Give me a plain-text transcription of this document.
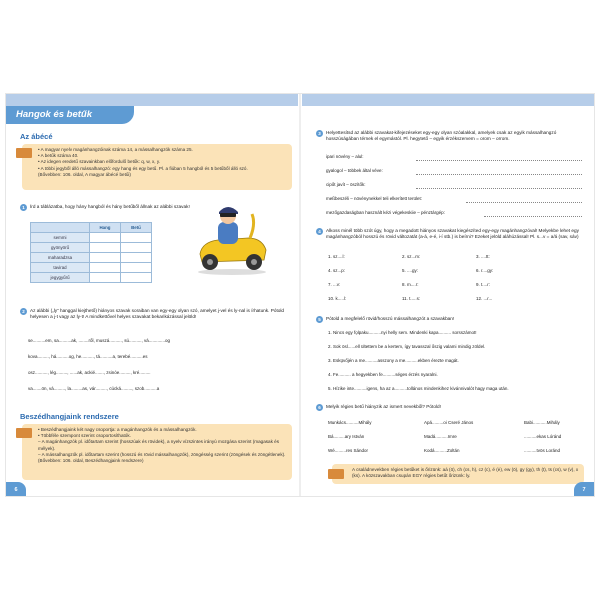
Hangok és betűk
Az ábécé
• A magyar nyelv magánhangzóinak száma 14, a mássalhangzók száma 25.
• A betűk száma 40.
• Az idegen eredetű szavainkban előfordulő betűk: q, w, x, y.
• A többi jegyből álló mássalhangzó: egy hang és egy betű. Pl. a fiúban 5 hangból és 5 betűből álló szó.
(Bővebben: 106. oldal, A magyar ábécé betűi)
1	Írd a táblázatba, hogy hány hangból és hány betűből állnak az alábbi szavak!
	Hang	Betű
semmi		
gyönyörű		
maharadzsa		
tavirad		
jegygyűrű		
2	Az alábbi („ly” hanggal kiejthető) hiányos szavak soraiban van egy-egy olyan szó, amelyet j-vel és ly-nal is írhatunk. Pótold helyesen a j-t vagy az ly-t! A mindkettővel helyes szavakat bekarikázással jelöld!
se..........em, sa..........ak, ........ről, muszá.........., sú.........., vá.............og
kova........., há..........og, he.........., tá..........a, terebé..........es
osz.........., lég........., ......ak, ackié......., zsinóe........., kré.........
va.......ön, vá........., la.........as, vár........., cúcká........., szob..........a
Beszédhangjaink rendszere
• Beszédhangjaink két nagy csoportja: a magánhangzók és a mássalhangzók.
• Többféle szempont szerint csoportosíthatók.
– A magánhangzók pl. időtartam szerint (hosszúak és rövidek), a nyelv vízszintes irányú mozgása szerint (magasak és mélyek).
– A mássalhangzók pl. időtartam szerint (hosszú és rövid mássalhangzók), zöngésség szerint (zöngések és zöngétlenek).
(Bővebben: 106. oldal, Beszédhangjaink rendszere)
6
3	Helyettesítsd az alábbi szavakat-kifejezéseket egy-egy olyan szóalakkal, amelyek csak az egyik mássalhangzó hosszúságában térnek el egymástól. Pl. hegytető – egyik érzékszervem = orom – orrom.
ipari növény – alul:
gyalogol – többek által véve:
cipőt javít – öszítők:
meßbeszéli – növénynekkel teli elkerített terület:
mezőgazdaságban használt kézi végekeskiie – pénztárgép:
4	Alkoss minél több szót úgy, hogy a megadott hiányos szavakat kiegészíted egy-egy magánhangzóval! Melyekbe lehet egy magánhangzóból hosszú és rövid változatát (a-á, e-é, i-í stb.) is beírni? Ezeket jelöld aláhúzással! Pl. s...v = a/á (sav, sáv)
1. sz....l:	2. sz...m:	3. ....tt:
4. sz...p:	5. ....gy:	6. r....gy:
7. ...v:	8. m....r:	9. t....r:
10. k.....l:	11. t.....s:	12. ...r...
5	Pótold a megfelelő rövid/hosszú mássalhangzót a szavakban!
1. Nincs egy fo̱lpaku..........nyi helly sem. Mindenki kapa.......... sorsszámot!
2. Sok ösl......ell ültettem be a kertem, így tavasszal őszig valami mindig zöldel.
3. Eskü̱vőjén a me..........asszony a me..........ekben érezte magát.
4. Fe.......... a hegyekben fe..........séges érzés nyaralni.
5. Hízike inte..........igens, ha az a..........tollános mindenkihez kivánnivalót hagy maga után.
6	Melyik régies betű hiányzik az ismert nevekből? Pótold!
Munkács..........Mihály	Apá.........oi Cseré János	Babi...........Mihály
Bá.........ary István	Madá..........Imre	..........ekas Lóránd
Wé.........res Sándor	Kodá..........Zoltán	..........tvös Loránd
A családnevekben régies betűket is őrizünk: aá (ö), ch (cs, h), cz (c), é (ė), ew (ö), gy (gy), th (t), ts (cs), w (v), x (ks). A közszavakban csupán EGY régies betűt őrizünk: ly.
7
